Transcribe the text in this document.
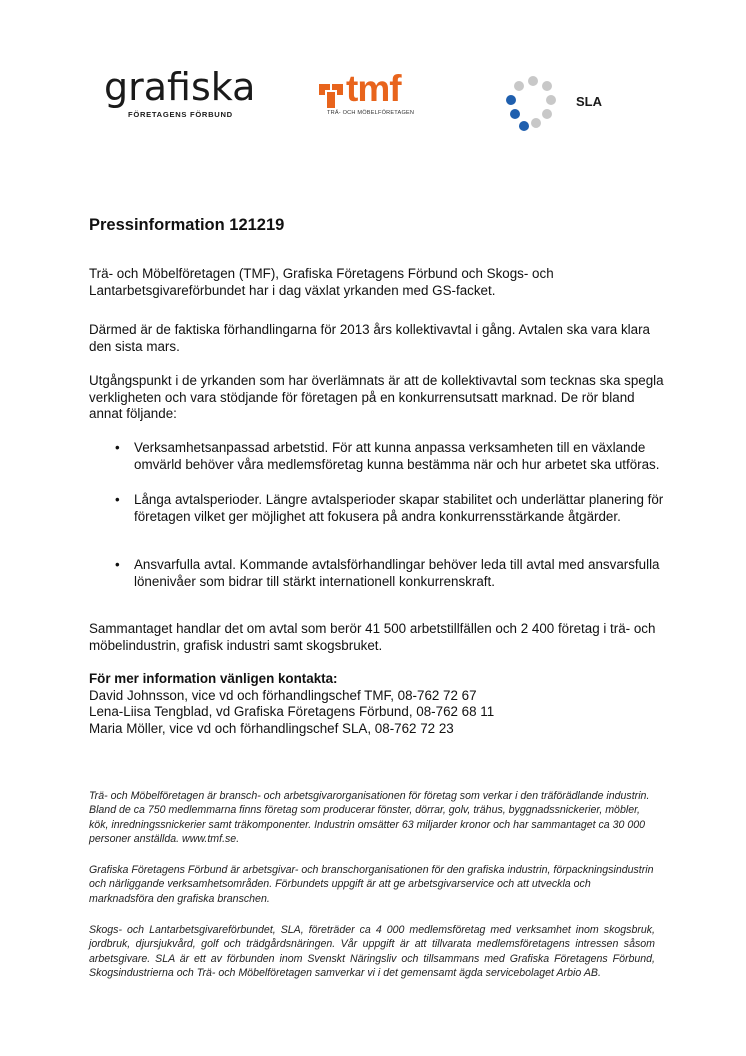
grafiska
FÖRETAGENS FÖRBUND
tmf
TRÄ- OCH MÖBELFÖRETAGEN
SLA
Pressinformation 121219
Trä- och Möbelföretagen (TMF), Grafiska Företagens Förbund och Skogs- och Lantarbetsgivareförbundet har i dag växlat yrkanden med GS-facket.
Därmed är de faktiska förhandlingarna för 2013 års kollektivavtal i gång. Avtalen ska vara klara den sista mars.
Utgångspunkt i de yrkanden som har överlämnats är att de kollektivavtal som tecknas ska spegla verkligheten och vara stödjande för företagen på en konkurrensutsatt marknad. De rör bland annat följande:
• Verksamhetsanpassad arbetstid. För att kunna anpassa verksamheten till en växlande omvärld behöver våra medlemsföretag kunna bestämma när och hur arbetet ska utföras.
• Långa avtalsperioder. Längre avtalsperioder skapar stabilitet och underlättar planering för företagen vilket ger möjlighet att fokusera på andra konkurrensstärkande åtgärder.
• Ansvarfulla avtal. Kommande avtalsförhandlingar behöver leda till avtal med ansvarsfulla lönenivåer som bidrar till stärkt internationell konkurrenskraft.
Sammantaget handlar det om avtal som berör 41 500 arbetstillfällen och 2 400 företag i trä- och möbelindustrin, grafisk industri samt skogsbruket.
För mer information vänligen kontakta:
David Johnsson, vice vd och förhandlingschef TMF, 08-762 72 67
Lena-Liisa Tengblad, vd Grafiska Företagens Förbund, 08-762 68 11
Maria Möller, vice vd och förhandlingschef SLA, 08-762 72 23
Trä- och Möbelföretagen är bransch- och arbetsgivarorganisationen för företag som verkar i den träförädlande industrin. Bland de ca 750 medlemmarna finns företag som producerar fönster, dörrar, golv, trähus, byggnadssnickerier, möbler, kök, inredningssnickerier samt träkomponenter. Industrin omsätter 63 miljarder kronor och har sammantaget ca 30 000 personer anställda. www.tmf.se.
Grafiska Företagens Förbund är arbetsgivar- och branschorganisationen för den grafiska industrin, förpackningsindustrin och närliggande verksamhetsområden. Förbundets uppgift är att ge arbetsgivarservice och att utveckla och marknadsföra den grafiska branschen.
Skogs- och Lantarbetsgivareförbundet, SLA, företräder ca 4 000 medlemsföretag med verksamhet inom skogsbruk, jordbruk, djursjukvård, golf och trädgårdsnäringen. Vår uppgift är att tillvarata medlemsföretagens intressen såsom arbetsgivare. SLA är ett av förbunden inom Svenskt Näringsliv och tillsammans med Grafiska Företagens Förbund, Skogsindustrierna och Trä- och Möbelföretagen samverkar vi i det gemensamt ägda servicebolaget Arbio AB.
